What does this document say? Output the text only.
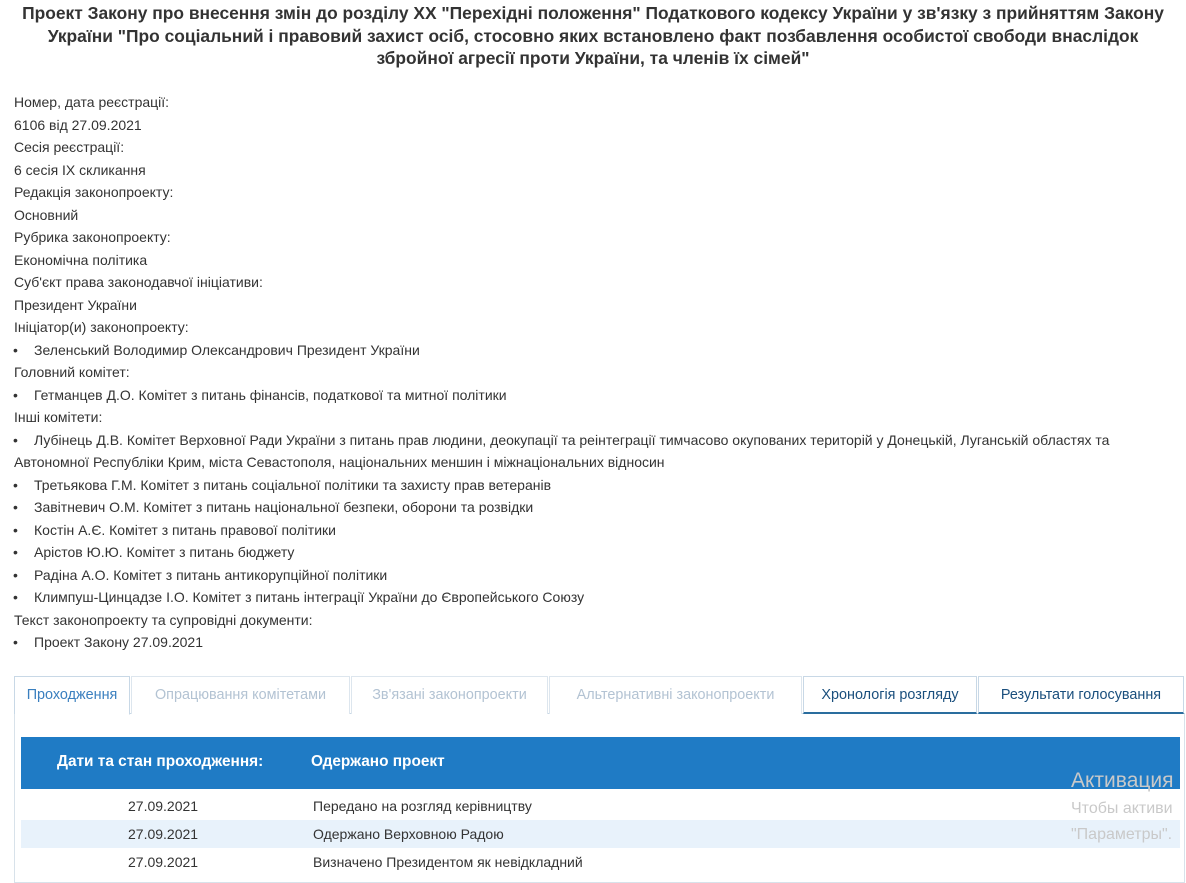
Проект Закону про внесення змін до розділу XX "Перехідні положення" Податкового кодексу України у зв'язку з прийняттям Закону України "Про соціальний і правовий захист осіб, стосовно яких встановлено факт позбавлення особистої свободи внаслідок збройної агресії проти України, та членів їх сімей"
Номер, дата реєстрації:
6106 від 27.09.2021
Сесія реєстрації:
6 сесія IX скликання
Редакція законопроекту:
Основний
Рубрика законопроекту:
Економічна політика
Суб'єкт права законодавчої ініціативи:
Президент України
Ініціатор(и) законопроекту:
• Зеленський Володимир Олександрович Президент України
Головний комітет:
• Гетманцев Д.О. Комітет з питань фінансів, податкової та митної політики
Інші комітети:
• Лубінець Д.В. Комітет Верховної Ради України з питань прав людини, деокупації та реінтеграції тимчасово окупованих територій у Донецькій, Луганській областях та Автономної Республіки Крим, міста Севастополя, національних меншин і міжнаціональних відносин
• Третьякова Г.М. Комітет з питань соціальної політики та захисту прав ветеранів
• Завітневич О.М. Комітет з питань національної безпеки, оборони та розвідки
• Костін А.Є. Комітет з питань правової політики
• Арістов Ю.Ю. Комітет з питань бюджету
• Радіна А.О. Комітет з питань антикорупційної політики
• Климпуш-Цинцадзе І.О. Комітет з питань інтеграції України до Європейського Союзу
Текст законопроекту та супровідні документи:
• Проект Закону 27.09.2021
Проходження	Опрацювання комітетами	Зв'язані законопроекти	Альтернативні законопроекти	Хронологія розгляду	Результати голосування
Дати та стан проходження:	Одержано проект
27.09.2021	Передано на розгляд керівництву
27.09.2021	Одержано Верховною Радою
27.09.2021	Визначено Президентом як невідкладний
Активация
Чтобы активи
"Параметры".
